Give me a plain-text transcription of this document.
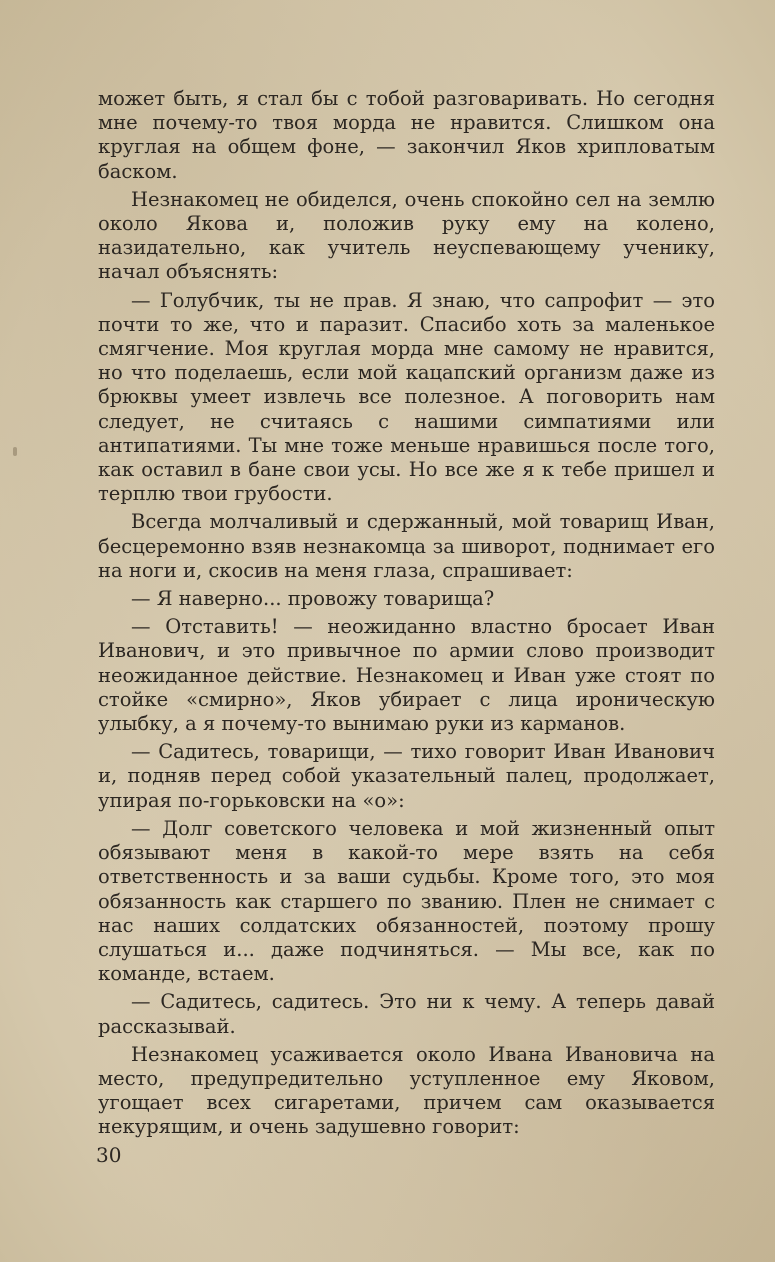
может быть, я стал бы с тобой разговаривать. Но сегодня мне почему-то твоя морда не нравится. Слишком она круглая на общем фоне, — закончил Яков хрипловатым баском.

Незнакомец не обиделся, очень спокойно сел на землю около Якова и, положив руку ему на колено, назидательно, как учитель неуспевающему ученику, начал объяснять:

— Голубчик, ты не прав. Я знаю, что сапрофит — это почти то же, что и паразит. Спасибо хоть за маленькое смягчение. Моя круглая морда мне самому не нравится, но что поделаешь, если мой кацапский организм даже из брюквы умеет извлечь все полезное. А поговорить нам следует, не считаясь с нашими симпатиями или антипатиями. Ты мне тоже меньше нравишься после того, как оставил в бане свои усы. Но все же я к тебе пришел и терплю твои грубости.

Всегда молчаливый и сдержанный, мой товарищ Иван, бесцеремонно взяв незнакомца за шиворот, поднимает его на ноги и, скосив на меня глаза, спрашивает:

— Я наверно... провожу товарища?

— Отставить! — неожиданно властно бросает Иван Иванович, и это привычное по армии слово производит неожиданное действие. Незнакомец и Иван уже стоят по стойке «смирно», Яков убирает с лица ироническую улыбку, а я почему-то вынимаю руки из карманов.

— Садитесь, товарищи, — тихо говорит Иван Иванович и, подняв перед собой указательный палец, продолжает, упирая по-горьковски на «о»:

— Долг советского человека и мой жизненный опыт обязывают меня в какой-то мере взять на себя ответственность и за ваши судьбы. Кроме того, это моя обязанность как старшего по званию. Плен не снимает с нас наших солдатских обязанностей, поэтому прошу слушаться и... даже подчиняться. — Мы все, как по команде, встаем.

— Садитесь, садитесь. Это ни к чему. А теперь давай рассказывай.

Незнакомец усаживается около Ивана Ивановича на место, предупредительно уступленное ему Яковом, угощает всех сигаретами, причем сам оказывается некурящим, и очень задушевно говорит:

30
